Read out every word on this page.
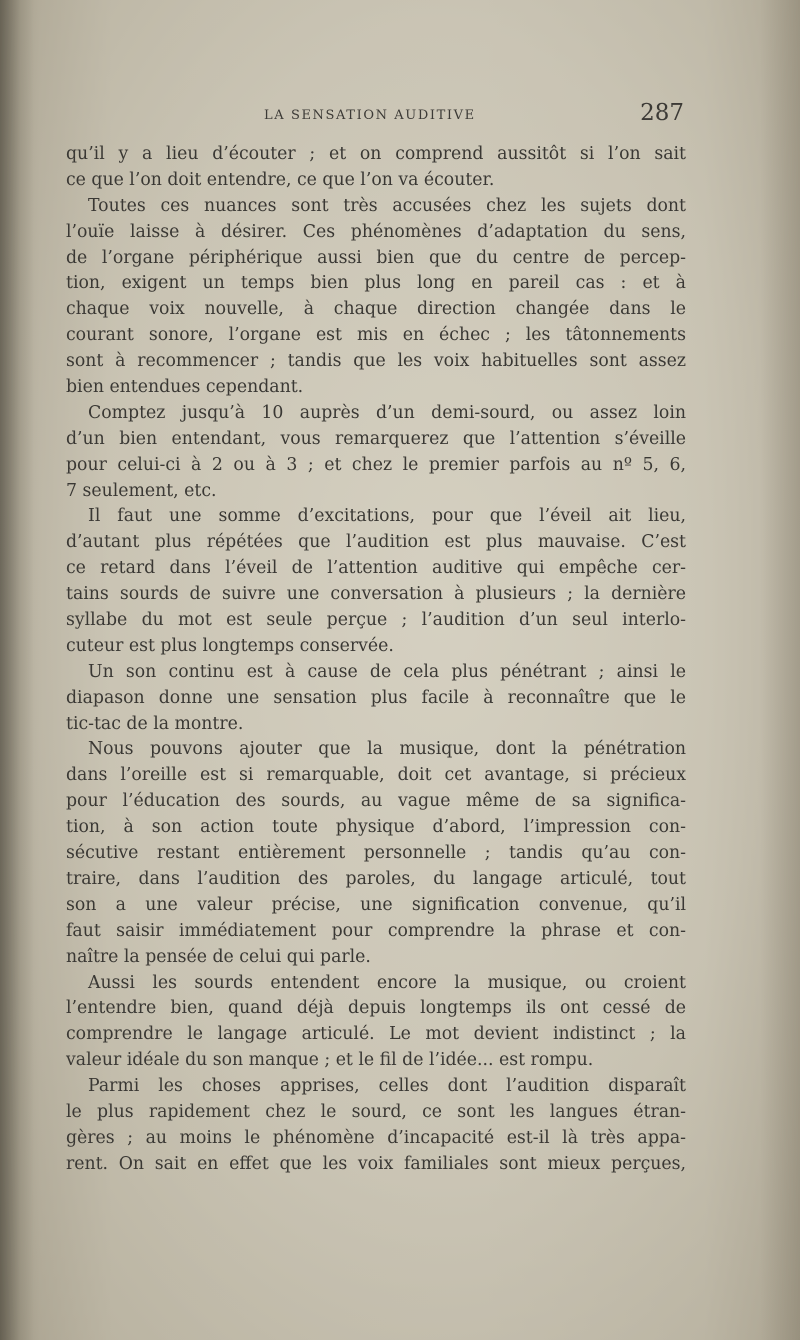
LA SENSATION AUDITIVE	287
qu’il y a lieu d’écouter ; et on comprend aussitôt si l’on sait
ce que l’on doit entendre, ce que l’on va écouter.
Toutes ces nuances sont très accusées chez les sujets dont
l’ouïe laisse à désirer. Ces phénomènes d’adaptation du sens,
de l’organe périphérique aussi bien que du centre de percep-
tion, exigent un temps bien plus long en pareil cas : et à
chaque voix nouvelle, à chaque direction changée dans le
courant sonore, l’organe est mis en échec ; les tâtonnements
sont à recommencer ; tandis que les voix habituelles sont assez
bien entendues cependant.
Comptez jusqu’à 10 auprès d’un demi-sourd, ou assez loin
d’un bien entendant, vous remarquerez que l’attention s’éveille
pour celui-ci à 2 ou à 3 ; et chez le premier parfois au nº 5, 6,
7 seulement, etc.
Il faut une somme d’excitations, pour que l’éveil ait lieu,
d’autant plus répétées que l’audition est plus mauvaise. C’est
ce retard dans l’éveil de l’attention auditive qui empêche cer-
tains sourds de suivre une conversation à plusieurs ; la dernière
syllabe du mot est seule perçue ; l’audition d’un seul interlo-
cuteur est plus longtemps conservée.
Un son continu est à cause de cela plus pénétrant ; ainsi le
diapason donne une sensation plus facile à reconnaître que le
tic-tac de la montre.
Nous pouvons ajouter que la musique, dont la pénétration
dans l’oreille est si remarquable, doit cet avantage, si précieux
pour l’éducation des sourds, au vague même de sa significa-
tion, à son action toute physique d’abord, l’impression con-
sécutive restant entièrement personnelle ; tandis qu’au con-
traire, dans l’audition des paroles, du langage articulé, tout
son a une valeur précise, une signification convenue, qu’il
faut saisir immédiatement pour comprendre la phrase et con-
naître la pensée de celui qui parle.
Aussi les sourds entendent encore la musique, ou croient
l’entendre bien, quand déjà depuis longtemps ils ont cessé de
comprendre le langage articulé. Le mot devient indistinct ; la
valeur idéale du son manque ; et le fil de l’idée... est rompu.
Parmi les choses apprises, celles dont l’audition disparaît
le plus rapidement chez le sourd, ce sont les langues étran-
gères ; au moins le phénomène d’incapacité est-il là très appa-
rent. On sait en effet que les voix familiales sont mieux perçues,
